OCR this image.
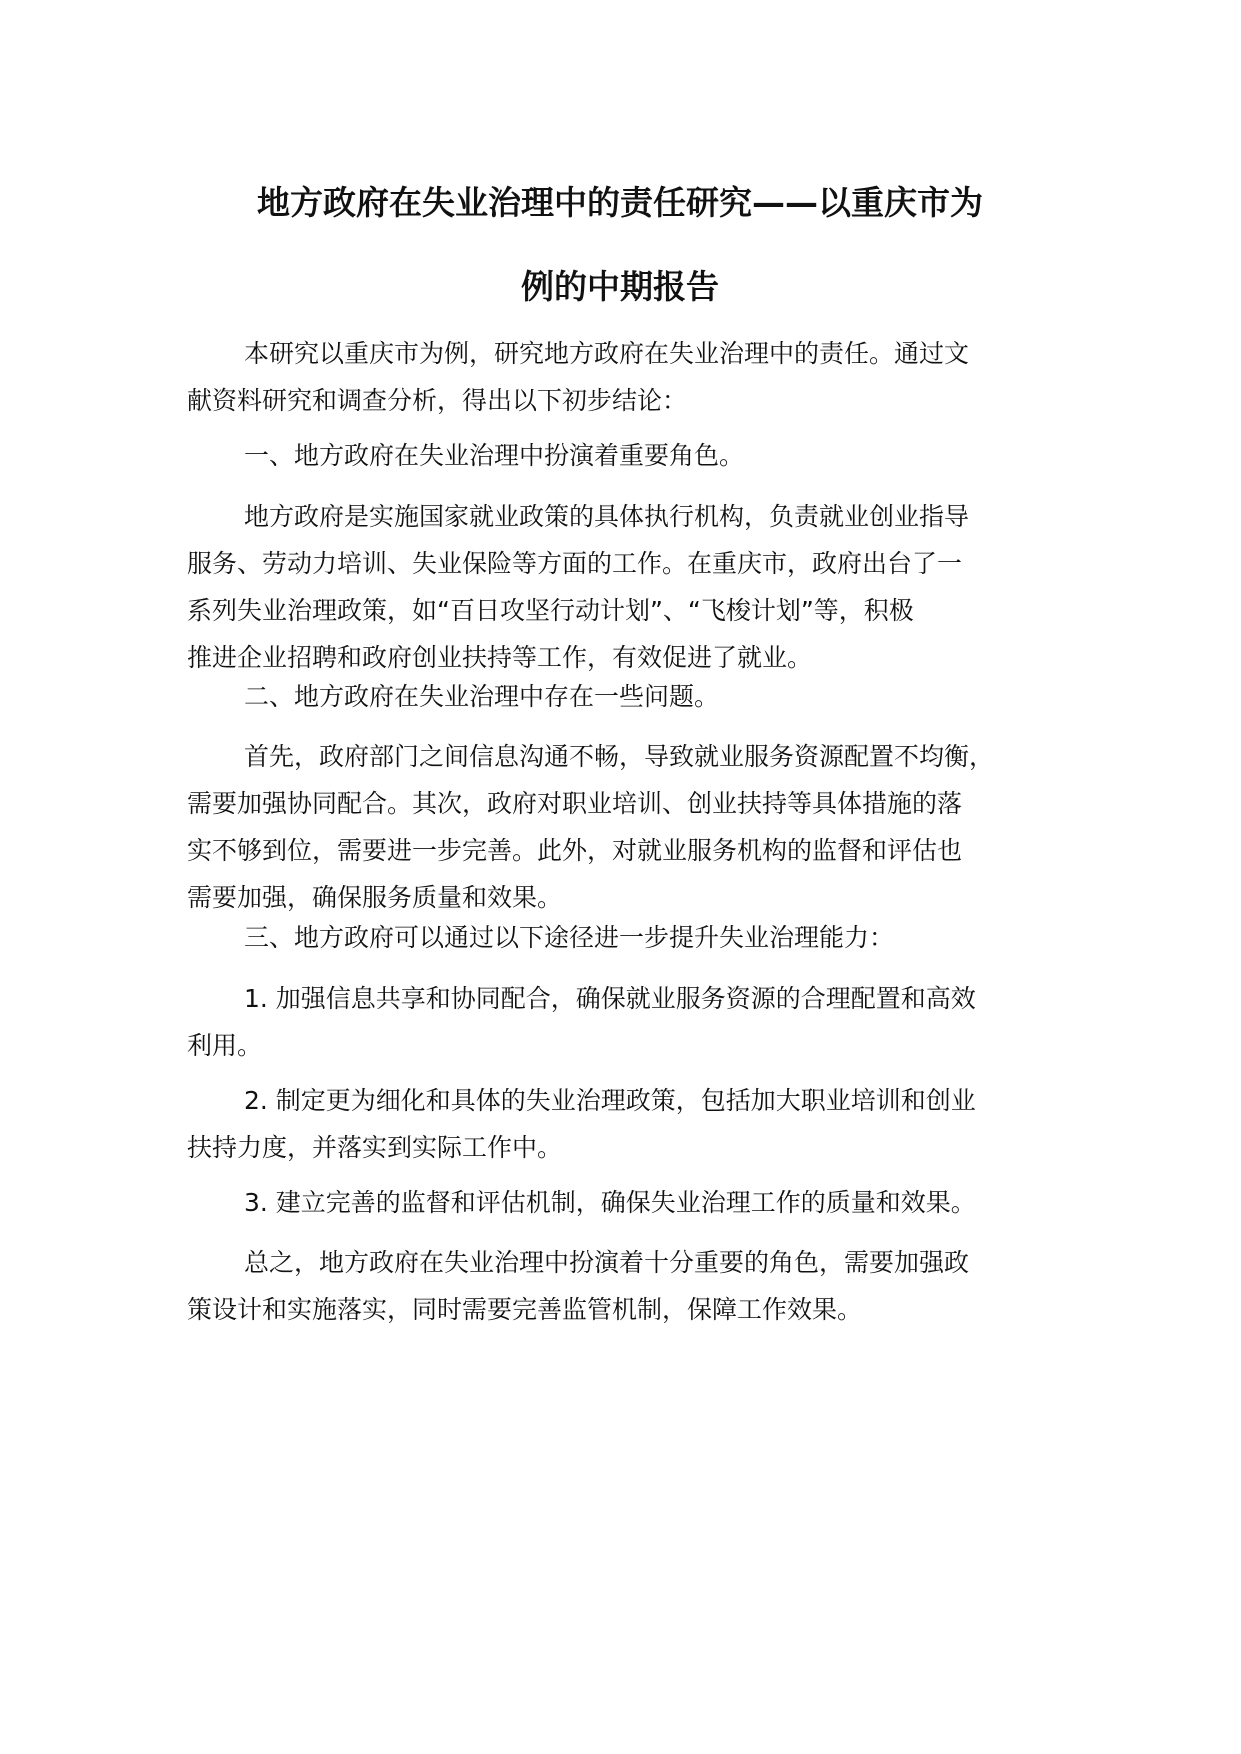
地方政府在失业治理中的责任研究——以重庆市为
例的中期报告
本研究以重庆市为例，研究地方政府在失业治理中的责任。通过文
献资料研究和调查分析，得出以下初步结论：
一、地方政府在失业治理中扮演着重要角色。
地方政府是实施国家就业政策的具体执行机构，负责就业创业指导
服务、劳动力培训、失业保险等方面的工作。在重庆市，政府出台了一
系列失业治理政策，如“百日攻坚行动计划”、“飞梭计划”等，积极
推进企业招聘和政府创业扶持等工作，有效促进了就业。
二、地方政府在失业治理中存在一些问题。
首先，政府部门之间信息沟通不畅，导致就业服务资源配置不均衡，
需要加强协同配合。其次，政府对职业培训、创业扶持等具体措施的落
实不够到位，需要进一步完善。此外，对就业服务机构的监督和评估也
需要加强，确保服务质量和效果。
三、地方政府可以通过以下途径进一步提升失业治理能力：
1. 加强信息共享和协同配合，确保就业服务资源的合理配置和高效
利用。
2. 制定更为细化和具体的失业治理政策，包括加大职业培训和创业
扶持力度，并落实到实际工作中。
3. 建立完善的监督和评估机制，确保失业治理工作的质量和效果。
总之，地方政府在失业治理中扮演着十分重要的角色，需要加强政
策设计和实施落实，同时需要完善监管机制，保障工作效果。
